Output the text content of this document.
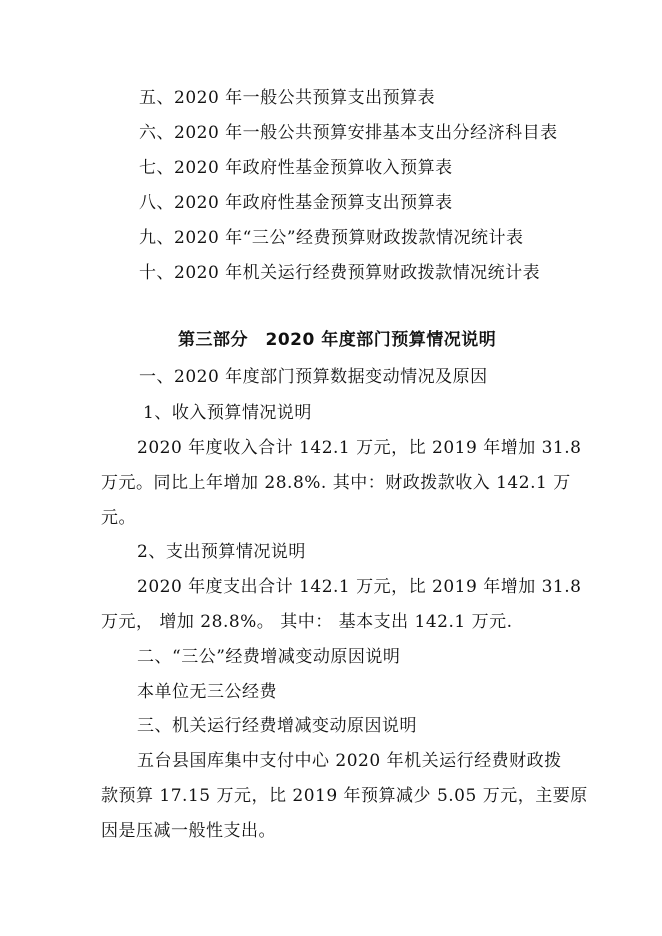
五、2020 年一般公共预算支出预算表
六、2020 年一般公共预算安排基本支出分经济科目表
七、2020 年政府性基金预算收入预算表
八、2020 年政府性基金预算支出预算表
九、2020 年“三公”经费预算财政拨款情况统计表
十、2020 年机关运行经费预算财政拨款情况统计表
第三部分　2020 年度部门预算情况说明
一、2020 年度部门预算数据变动情况及原因
1、收入预算情况说明
2020 年度收入合计 142.1 万元，比 2019 年增加 31.8
万元。同比上年增加 28.8%. 其中：财政拨款收入 142.1 万
元。
2、支出预算情况说明
2020 年度支出合计 142.1 万元，比 2019 年增加 31.8
万元， 增加 28.8%。 其中： 基本支出 142.1 万元.
二、“三公”经费增减变动原因说明
本单位无三公经费
三、机关运行经费增减变动原因说明
五台县国库集中支付中心 2020 年机关运行经费财政拨
款预算 17.15 万元，比 2019 年预算减少 5.05 万元，主要原
因是压减一般性支出。
